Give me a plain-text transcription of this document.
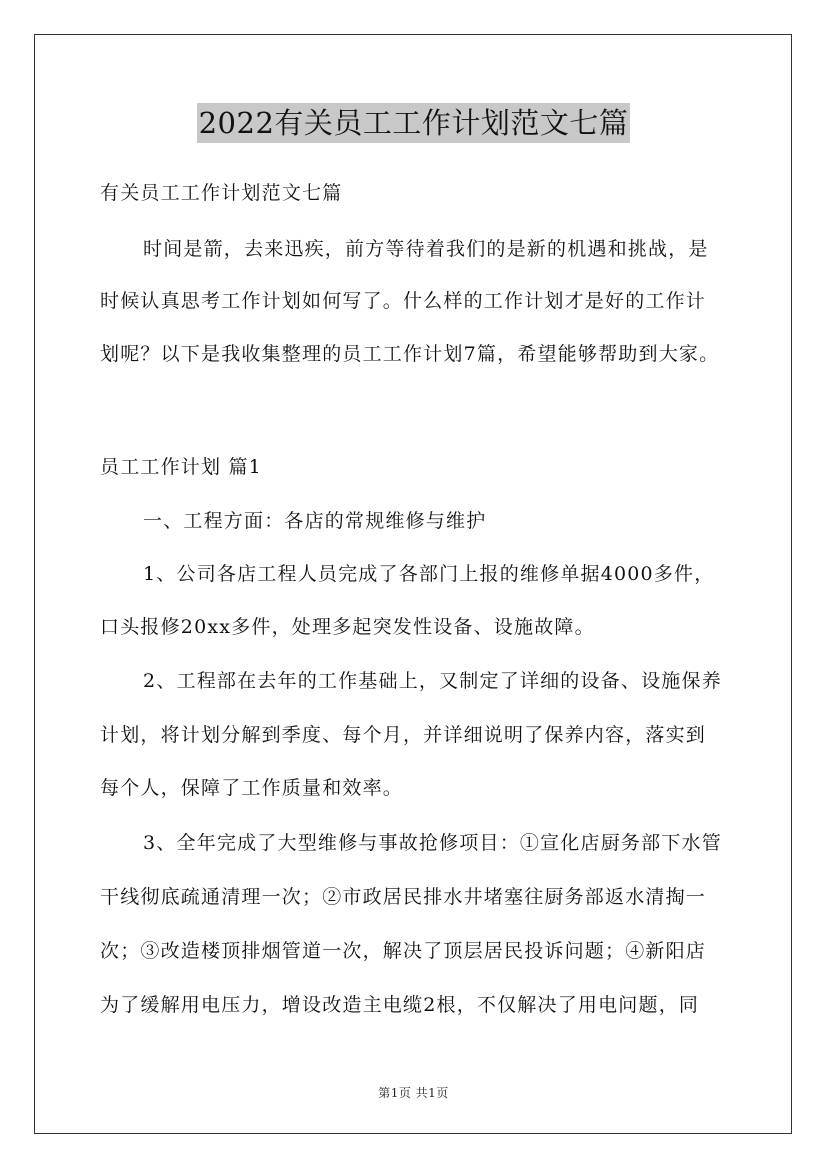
2022有关员工工作计划范文七篇
有关员工工作计划范文七篇
时间是箭，去来迅疾，前方等待着我们的是新的机遇和挑战，是
时候认真思考工作计划如何写了。什么样的工作计划才是好的工作计
划呢？以下是我收集整理的员工工作计划7篇，希望能够帮助到大家。
员工工作计划 篇1
一、工程方面：各店的常规维修与维护
1、公司各店工程人员完成了各部门上报的维修单据4000多件，
口头报修20xx多件，处理多起突发性设备、设施故障。
2、工程部在去年的工作基础上，又制定了详细的设备、设施保养
计划，将计划分解到季度、每个月，并详细说明了保养内容，落实到
每个人，保障了工作质量和效率。
3、全年完成了大型维修与事故抢修项目：①宣化店厨务部下水管
干线彻底疏通清理一次；②市政居民排水井堵塞往厨务部返水清掏一
次；③改造楼顶排烟管道一次，解决了顶层居民投诉问题；④新阳店
为了缓解用电压力，增设改造主电缆2根，不仅解决了用电问题，同
第1页 共1页
